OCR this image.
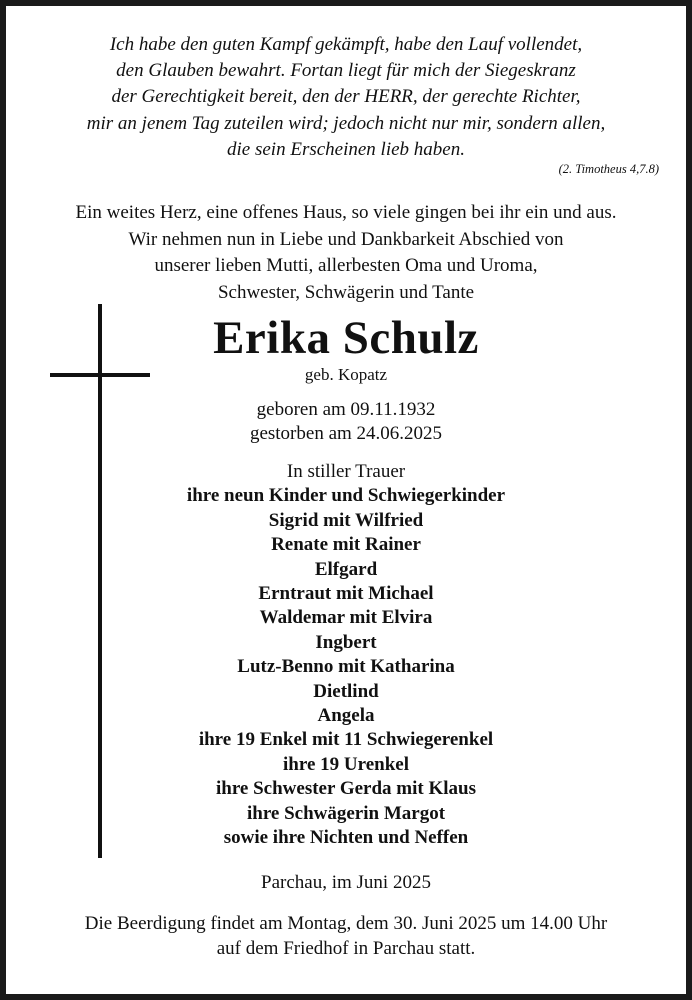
Ich habe den guten Kampf gekämpft, habe den Lauf vollendet,
den Glauben bewahrt. Fortan liegt für mich der Siegeskranz
der Gerechtigkeit bereit, den der HERR, der gerechte Richter,
mir an jenem Tag zuteilen wird; jedoch nicht nur mir, sondern allen,
die sein Erscheinen lieb haben.
(2. Timotheus 4,7.8)
Ein weites Herz, eine offenes Haus, so viele gingen bei ihr ein und aus.
Wir nehmen nun in Liebe und Dankbarkeit Abschied von
unserer lieben Mutti, allerbesten Oma und Uroma,
Schwester, Schwägerin und Tante
Erika Schulz
geb. Kopatz
geboren am 09.11.1932
gestorben am 24.06.2025
In stiller Trauer
ihre neun Kinder und Schwiegerkinder
Sigrid mit Wilfried
Renate mit Rainer
Elfgard
Erntraut mit Michael
Waldemar mit Elvira
Ingbert
Lutz-Benno mit Katharina
Dietlind
Angela
ihre 19 Enkel mit 11 Schwiegerenkel
ihre 19 Urenkel
ihre Schwester Gerda mit Klaus
ihre Schwägerin Margot
sowie ihre Nichten und Neffen
Parchau, im Juni 2025
Die Beerdigung findet am Montag, dem 30. Juni 2025 um 14.00 Uhr
auf dem Friedhof in Parchau statt.
